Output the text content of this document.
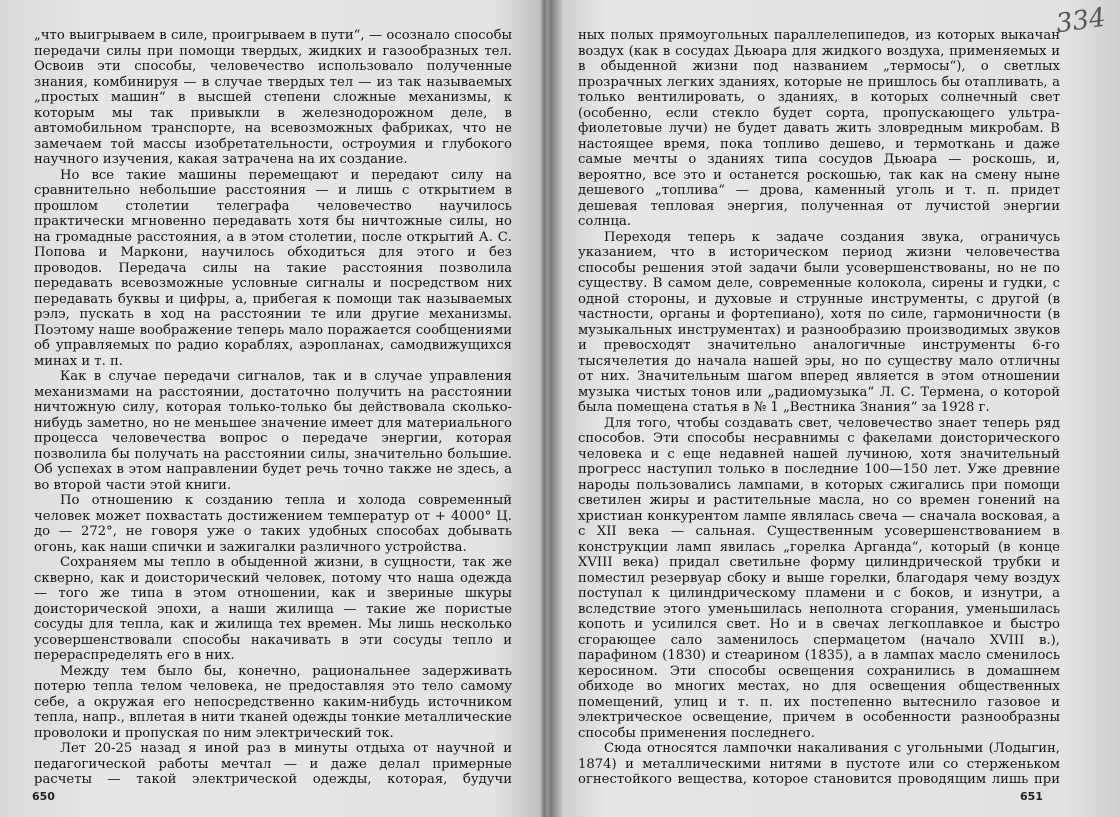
„что выигрываем в силе, проигрываем в пути“, — осознало способы передачи силы при помощи твердых, жидких и газообразных тел. Освоив эти способы, человечество использовало полученные знания, комбинируя — в случае твердых тел — из так называемых „простых машин“ в высшей степени сложные механизмы, к которым мы так привыкли в железнодорожном деле, в автомобильном транспорте, на всевозможных фабриках, что не замечаем той массы изобретательности, остроумия и глубокого научного изучения, какая затрачена на их создание.

Но все такие машины перемещают и передают силу на сравнительно небольшие расстояния — и лишь с открытием в прошлом столетии телеграфа человечество научилось практически мгновенно передавать хотя бы ничтожные силы, но на громадные расстояния, а в этом столетии, после открытий А. С. Попова и Маркони, научилось обходиться для этого и без проводов. Передача силы на такие расстояния позволила передавать всевозможные условные сигналы и посредством них передавать буквы и цифры, а, прибегая к помощи так называемых рэлэ, пускать в ход на расстоянии те или другие механизмы. Поэтому наше воображение теперь мало поражается сообщениями об управляемых по радио кораблях, аэропланах, самодвижущихся минах и т. п.

Как в случае передачи сигналов, так и в случае управления механизмами на расстоянии, достаточно получить на расстоянии ничтожную силу, которая только-только бы действовала сколько-нибудь заметно, но не меньшее значение имеет для материального процесса человечества вопрос о передаче энергии, которая позволила бы получать на расстоянии силы, значительно большие. Об успехах в этом направлении будет речь точно также не здесь, а во второй части этой книги.

По отношению к созданию тепла и холода современный человек может похвастать достижением температур от + 4000° Ц. до — 272°, не говоря уже о таких удобных способах добывать огонь, как наши спички и зажигалки различного устройства.

Сохраняем мы тепло в обыденной жизни, в сущности, так же скверно, как и доисторический человек, потому что наша одежда — того же типа в этом отношении, как и звериные шкуры доисторической эпохи, а наши жилища — такие же пористые сосуды для тепла, как и жилища тех времен. Мы лишь несколько усовершенствовали способы накачивать в эти сосуды тепло и перераспределять его в них.

Между тем было бы, конечно, рациональнее задерживать потерю тепла телом человека, не предоставляя это тело самому себе, а окружая его непосредственно каким-нибудь источником тепла, напр., вплетая в нити тканей одежды тонкие металлические проволоки и пропуская по ним электрический ток.

Лет 20-25 назад я иной раз в минуты отдыха от научной и педагогической работы мечтал — и даже делал примерные расчеты — такой электрической одежды, которая, будучи

ных полых прямоугольных параллелепипедов, из которых выкачан воздух (как в сосудах Дьюара для жидкого воздуха, применяемых и в обыденной жизни под названием „термосы“), о светлых прозрачных легких зданиях, которые не пришлось бы отапливать, а только вентилировать, о зданиях, в которых солнечный свет (особенно, если стекло будет сорта, пропускающего ультра-фиолетовые лучи) не будет давать жить зловредным микробам. В настоящее время, пока топливо дешево, и термоткань и даже самые мечты о зданиях типа сосудов Дьюара — роскошь, и, вероятно, все это и останется роскошью, так как на смену ныне дешевого „топлива“ — дрова, каменный уголь и т. п. придет дешевая тепловая энергия, полученная от лучистой энергии солнца.

Переходя теперь к задаче создания звука, ограничусь указанием, что в историческом период жизни человечества способы решения этой задачи были усовершенствованы, но не по существу. В самом деле, современные колокола, сирены и гудки, с одной стороны, и духовые и струнные инструменты, с другой (в частности, органы и фортепиано), хотя по силе, гармоничности (в музыкальных инструментах) и разнообразию производимых звуков и превосходят значительно аналогичные инструменты 6-го тысячелетия до начала нашей эры, но по существу мало отличны от них. Значительным шагом вперед является в этом отношении музыка чистых тонов или „радиомузыка“ Л. С. Термена, о которой была помещена статья в № 1 „Вестника Знания“ за 1928 г.

Для того, чтобы создавать свет, человечество знает теперь ряд способов. Эти способы несравнимы с факелами доисторического человека и с еще недавней нашей лучиною, хотя значительный прогресс наступил только в последние 100—150 лет. Уже древние народы пользовались лампами, в которых сжигались при помощи светилен жиры и растительные масла, но со времен гонений на христиан конкурентом лампе являлась свеча — сначала восковая, а с XII века — сальная. Существенным усовершенствованием в конструкции ламп явилась „горелка Арганда“, который (в конце XVIII века) придал светильне форму цилиндрической трубки и поместил резервуар сбоку и выше горелки, благодаря чему воздух поступал к цилиндрическому пламени и с боков, и изнутри, а вследствие этого уменьшилась неполнота сгорания, уменьшилась копоть и усилился свет. Но и в свечах легкоплавкое и быстро сгорающее сало заменилось спермацетом (начало XVIII в.), парафином (1830) и стеарином (1835), а в лампах масло сменилось керосином. Эти способы освещения сохранились в домашнем обиходе во многих местах, но для освещения общественных помещений, улиц и т. п. их постепенно вытеснило газовое и электрическое освещение, причем в особенности разнообразны способы применения последнего.

Сюда относятся лампочки накаливания с угольными (Лодыгин, 1874) и металлическими нитями в пустоте или со стерженьком огнестойкого вещества, которое становится проводящим лишь при

650	651
334
